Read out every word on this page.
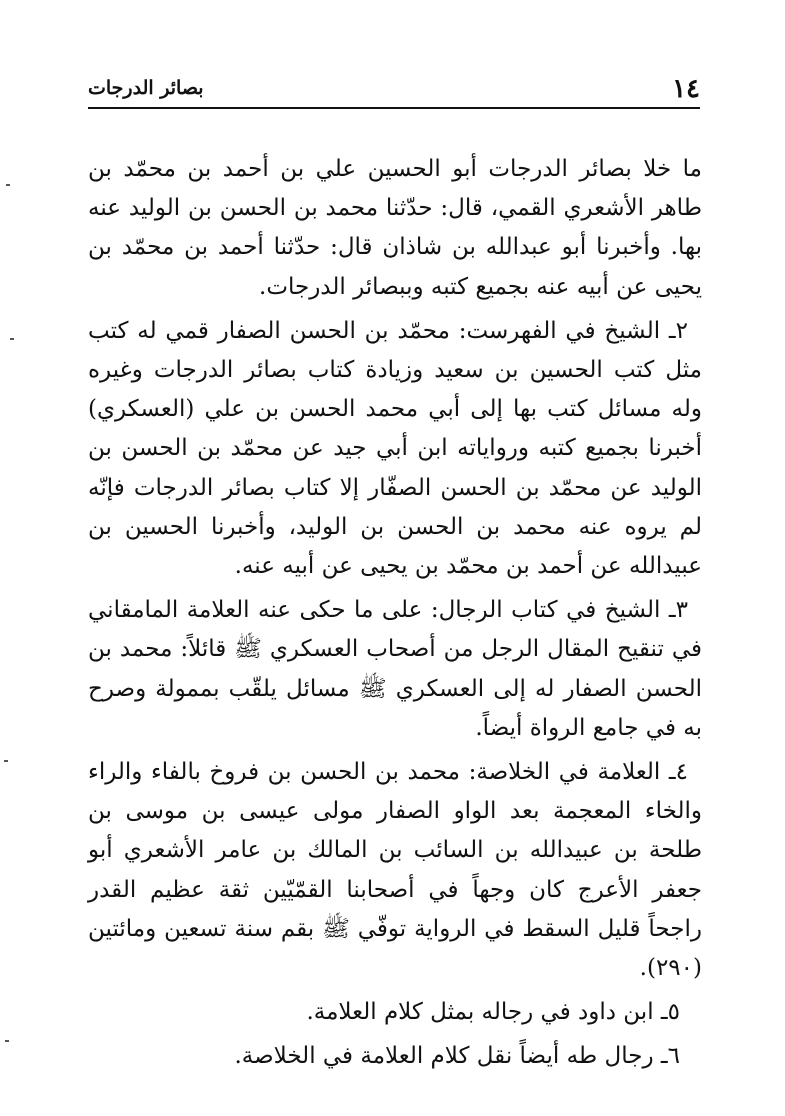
١٤
بصائر الدرجات

ما خلا بصائر الدرجات أبو الحسين علي بن أحمد بن محمّد بن طاهر الأشعري القمي، قال: حدّثنا محمد بن الحسن بن الوليد عنه بها. وأخبرنا أبو عبدالله بن شاذان قال: حدّثنا أحمد بن محمّد بن يحيى عن أبيه عنه بجميع كتبه وببصائر الدرجات.

٢ـ الشيخ في الفهرست: محمّد بن الحسن الصفار قمي له كتب مثل كتب الحسين بن سعيد وزيادة كتاب بصائر الدرجات وغيره وله مسائل كتب بها إلى أبي محمد الحسن بن علي (العسكري) أخبرنا بجميع كتبه ورواياته ابن أبي جيد عن محمّد بن الحسن بن الوليد عن محمّد بن الحسن الصفّار إلا كتاب بصائر الدرجات فإنّه لم يروه عنه محمد بن الحسن بن الوليد، وأخبرنا الحسين بن عبيدالله عن أحمد بن محمّد بن يحيى عن أبيه عنه.

٣ـ الشيخ في كتاب الرجال: على ما حكى عنه العلامة المامقاني في تنقيح المقال الرجل من أصحاب العسكري ﷺ قائلاً: محمد بن الحسن الصفار له إلى العسكري ﷺ مسائل يلقّب بممولة وصرح به في جامع الرواة أيضاً.

٤ـ العلامة في الخلاصة: محمد بن الحسن بن فروخ بالفاء والراء والخاء المعجمة بعد الواو الصفار مولى عيسى بن موسى بن طلحة بن عبيدالله بن السائب بن المالك بن عامر الأشعري أبو جعفر الأعرج كان وجهاً في أصحابنا القمّيّين ثقة عظيم القدر راجحاً قليل السقط في الرواية توفّي ﷺ بقم سنة تسعين ومائتين (٢٩٠).

٥ـ ابن داود في رجاله بمثل كلام العلامة.

٦ـ رجال طه أيضاً نقل كلام العلامة في الخلاصة.
